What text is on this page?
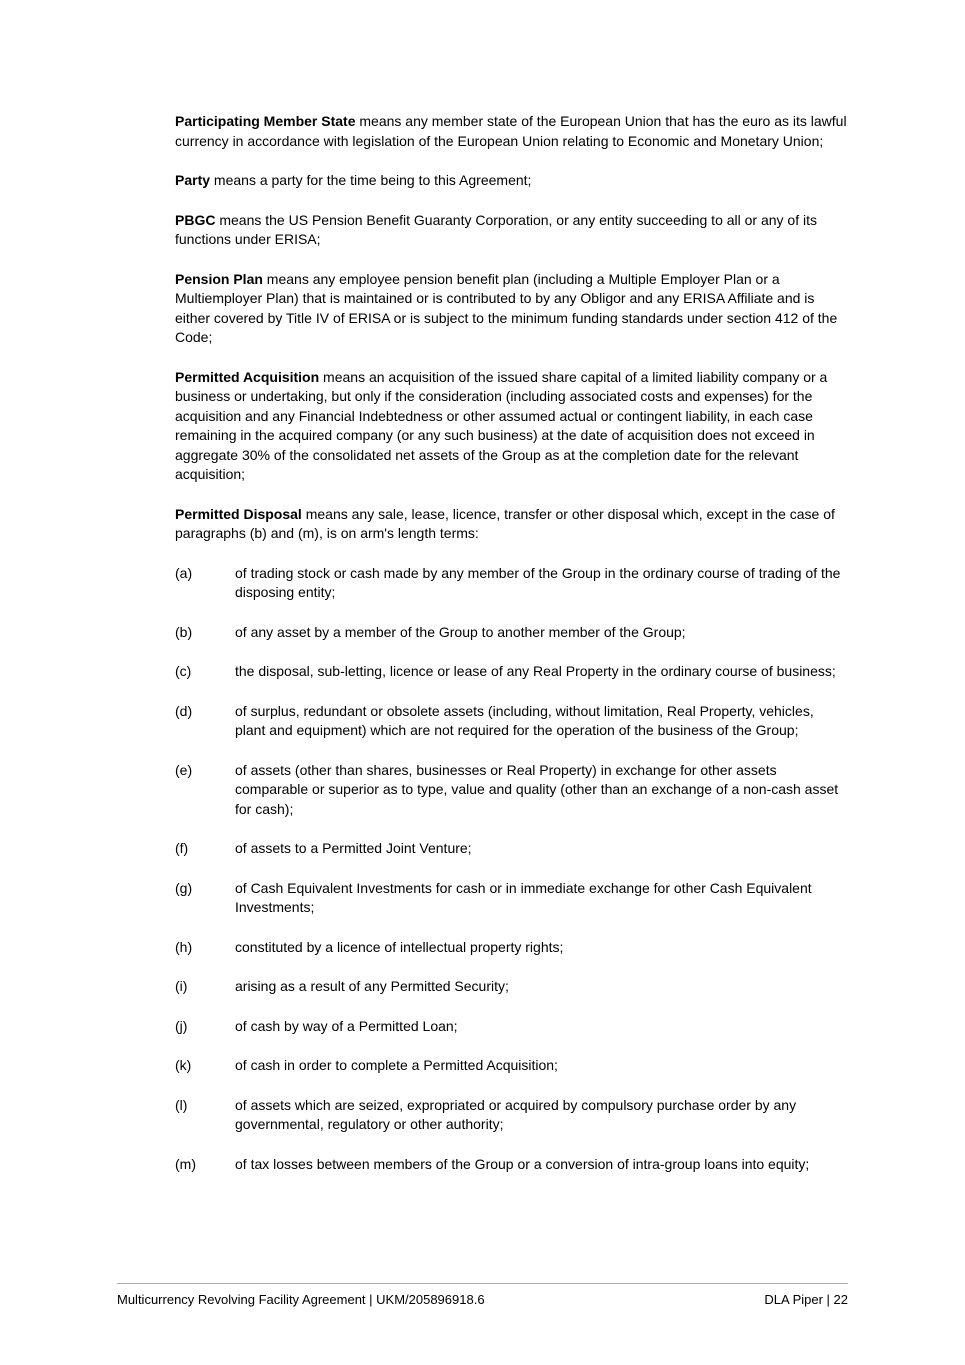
Participating Member State means any member state of the European Union that has the euro as its lawful currency in accordance with legislation of the European Union relating to Economic and Monetary Union;

Party means a party for the time being to this Agreement;

PBGC means the US Pension Benefit Guaranty Corporation, or any entity succeeding to all or any of its functions under ERISA;

Pension Plan means any employee pension benefit plan (including a Multiple Employer Plan or a Multiemployer Plan) that is maintained or is contributed to by any Obligor and any ERISA Affiliate and is either covered by Title IV of ERISA or is subject to the minimum funding standards under section 412 of the Code;

Permitted Acquisition means an acquisition of the issued share capital of a limited liability company or a business or undertaking, but only if the consideration (including associated costs and expenses) for the acquisition and any Financial Indebtedness or other assumed actual or contingent liability, in each case remaining in the acquired company (or any such business) at the date of acquisition does not exceed in aggregate 30% of the consolidated net assets of the Group as at the completion date for the relevant acquisition;

Permitted Disposal means any sale, lease, licence, transfer or other disposal which, except in the case of paragraphs (b) and (m), is on arm's length terms:

(a)	of trading stock or cash made by any member of the Group in the ordinary course of trading of the disposing entity;
(b)	of any asset by a member of the Group to another member of the Group;
(c)	the disposal, sub-letting, licence or lease of any Real Property in the ordinary course of business;
(d)	of surplus, redundant or obsolete assets (including, without limitation, Real Property, vehicles, plant and equipment) which are not required for the operation of the business of the Group;
(e)	of assets (other than shares, businesses or Real Property) in exchange for other assets comparable or superior as to type, value and quality (other than an exchange of a non-cash asset for cash);
(f)	of assets to a Permitted Joint Venture;
(g)	of Cash Equivalent Investments for cash or in immediate exchange for other Cash Equivalent Investments;
(h)	constituted by a licence of intellectual property rights;
(i)	arising as a result of any Permitted Security;
(j)	of cash by way of a Permitted Loan;
(k)	of cash in order to complete a Permitted Acquisition;
(l)	of assets which are seized, expropriated or acquired by compulsory purchase order by any governmental, regulatory or other authority;
(m)	of tax losses between members of the Group or a conversion of intra-group loans into equity;
Multicurrency Revolving Facility Agreement | UKM/205896918.6	DLA Piper | 22
